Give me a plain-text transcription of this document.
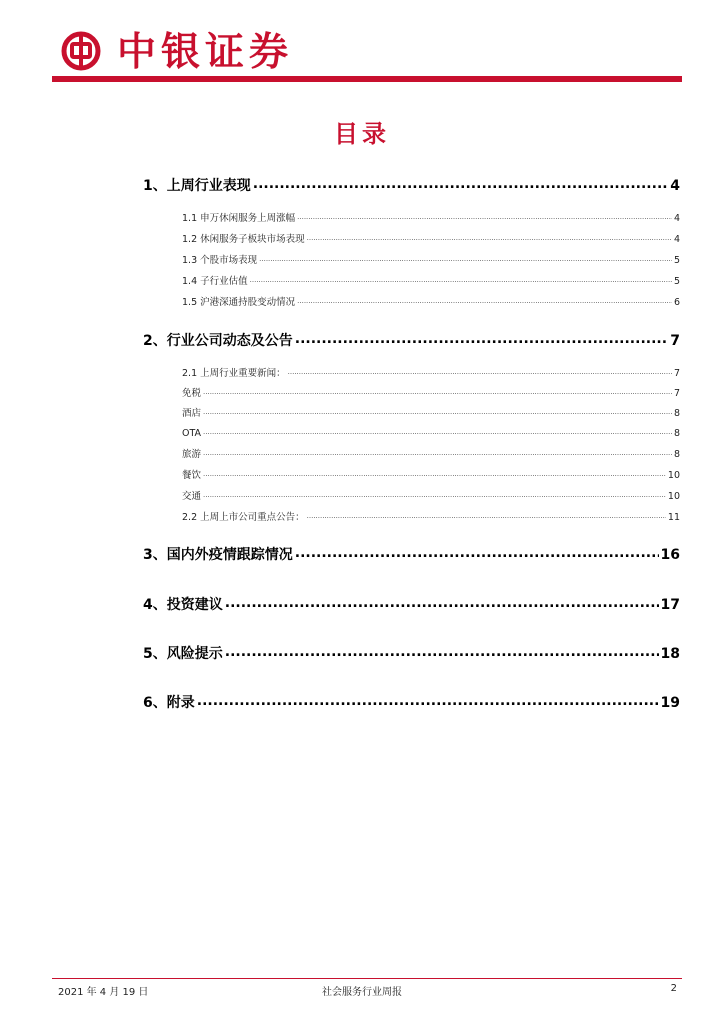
中银证券
目录
1、上周行业表现 .....	4
1.1 申万休闲服务上周涨幅 .....	4
1.2 休闲服务子板块市场表现 .....	4
1.3 个股市场表现 .....	5
1.4 子行业估值 .....	5
1.5 沪港深通持股变动情况 .....	6
2、行业公司动态及公告 .....	7
2.1 上周行业重要新闻： .....	7
免税 .....	7
酒店 .....	8
OTA .....	8
旅游 .....	8
餐饮 .....	10
交通 .....	10
2.2 上周上市公司重点公告： .....	11
3、国内外疫情跟踪情况 .....	16
4、投资建议 .....	17
5、风险提示 .....	18
6、附录 .....	19
2021 年 4 月 19 日	社会服务行业周报	2
